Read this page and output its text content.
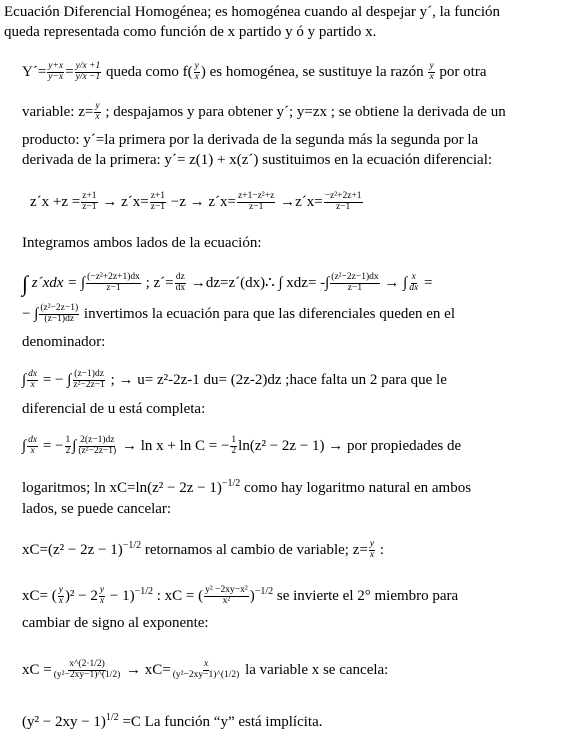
Ecuación Diferencial Homogénea; es homogénea cuando al despejar y´, la función
queda representada como función de x partido y ó y partido x.
Y´= $\frac{y+x}{y-x} = \frac{y/x +1}{y/x -1}$ queda como $f( \frac{y}{x}$ ) es homogénea, se sustituye la razón $\frac{y}{x}$ por otra
variable: $z= \frac{y}{x}$ ; despajamos y para obtener y´; y=zx ; se obtiene la derivada de un
producto: y´=la primera por la derivada de la segunda más la segunda por la
derivada de la primera: y´= z(1) + x(z´) sustituimos en la ecuación diferencial:
z´x $+z = \frac{z+1}{z-1}$ → z´x= $\frac{z+1}{z-1} -z$ → z´x= $\frac{\text{z+1−z²+z}}{z-1}$ →z´x= $\frac{\text{−z²+2z+1}}{z-1}$
Integramos ambos lados de la ecuación:
∫ z´xdx = ∫ $\frac{\text{(−z²+2z+1)dx}}{z-1}$ ; z´= $\frac{dz}{dx}$ →dz=z´(dx)∴ ∫ xdz= -∫ $\frac{\text{(z²−2z−1)dx}}{z-1}$ → ∫ $\frac{x}{dx}$ =
− ∫ $\frac{\text{(z²−2z−1)}}{(z-1)dz}$ invertimos la ecuación para que las diferenciales queden en el
denominador:
∫ $\frac{dx}{x}$ = − ∫ $\frac{(z-1)dz}{\text{z²−2z−1}}$ ; → u= z²-2z-1 du= (2z-2)dz ;hace falta un 2 para que le
diferencial de u está completa:
∫ $\frac{dx}{x}$ = − $\frac{1}{2}$ ∫ $\frac{2(z-1)dz}{\text{(z²−2z−1)}} \to \ln x + \ln C$ = − $\frac{1}{2} \ln(z^2 - 2z - 1)$ → por propiedades de
logaritmos; $\ln xC=\ln(z^2 - 2z - 1)^{-1/2}$ como hay logaritmo natural en ambos
lados, se puede cancelar:
$xC=(z^2 - 2z - 1)^{-1/2}$ retornamos al cambio de variable; $z= \frac{y}{x}$ :
xC= ( $\frac{y}{x} )^2 - 2 \frac{y}{x} - 1)^{-1/2}$ : xC = ( $\frac{\text{y² −2xy−x²}}{\text{x²}} )^{-1/2}$ se invierte el 2° miembro para
cambiar de signo al exponente:
xC = $\frac{x\^{}(2\cdot 1/2)}{\text{(y²−2xy−1)\textasciicircum{}(1/2)}} \to xC= \frac{x}{\text{(y²−2xy−1)\textasciicircum{}(1/2)}}$ la variable x se cancela:
$(y^2 - 2xy - 1)^{1/2} =C$ La función “y” está implícita.
